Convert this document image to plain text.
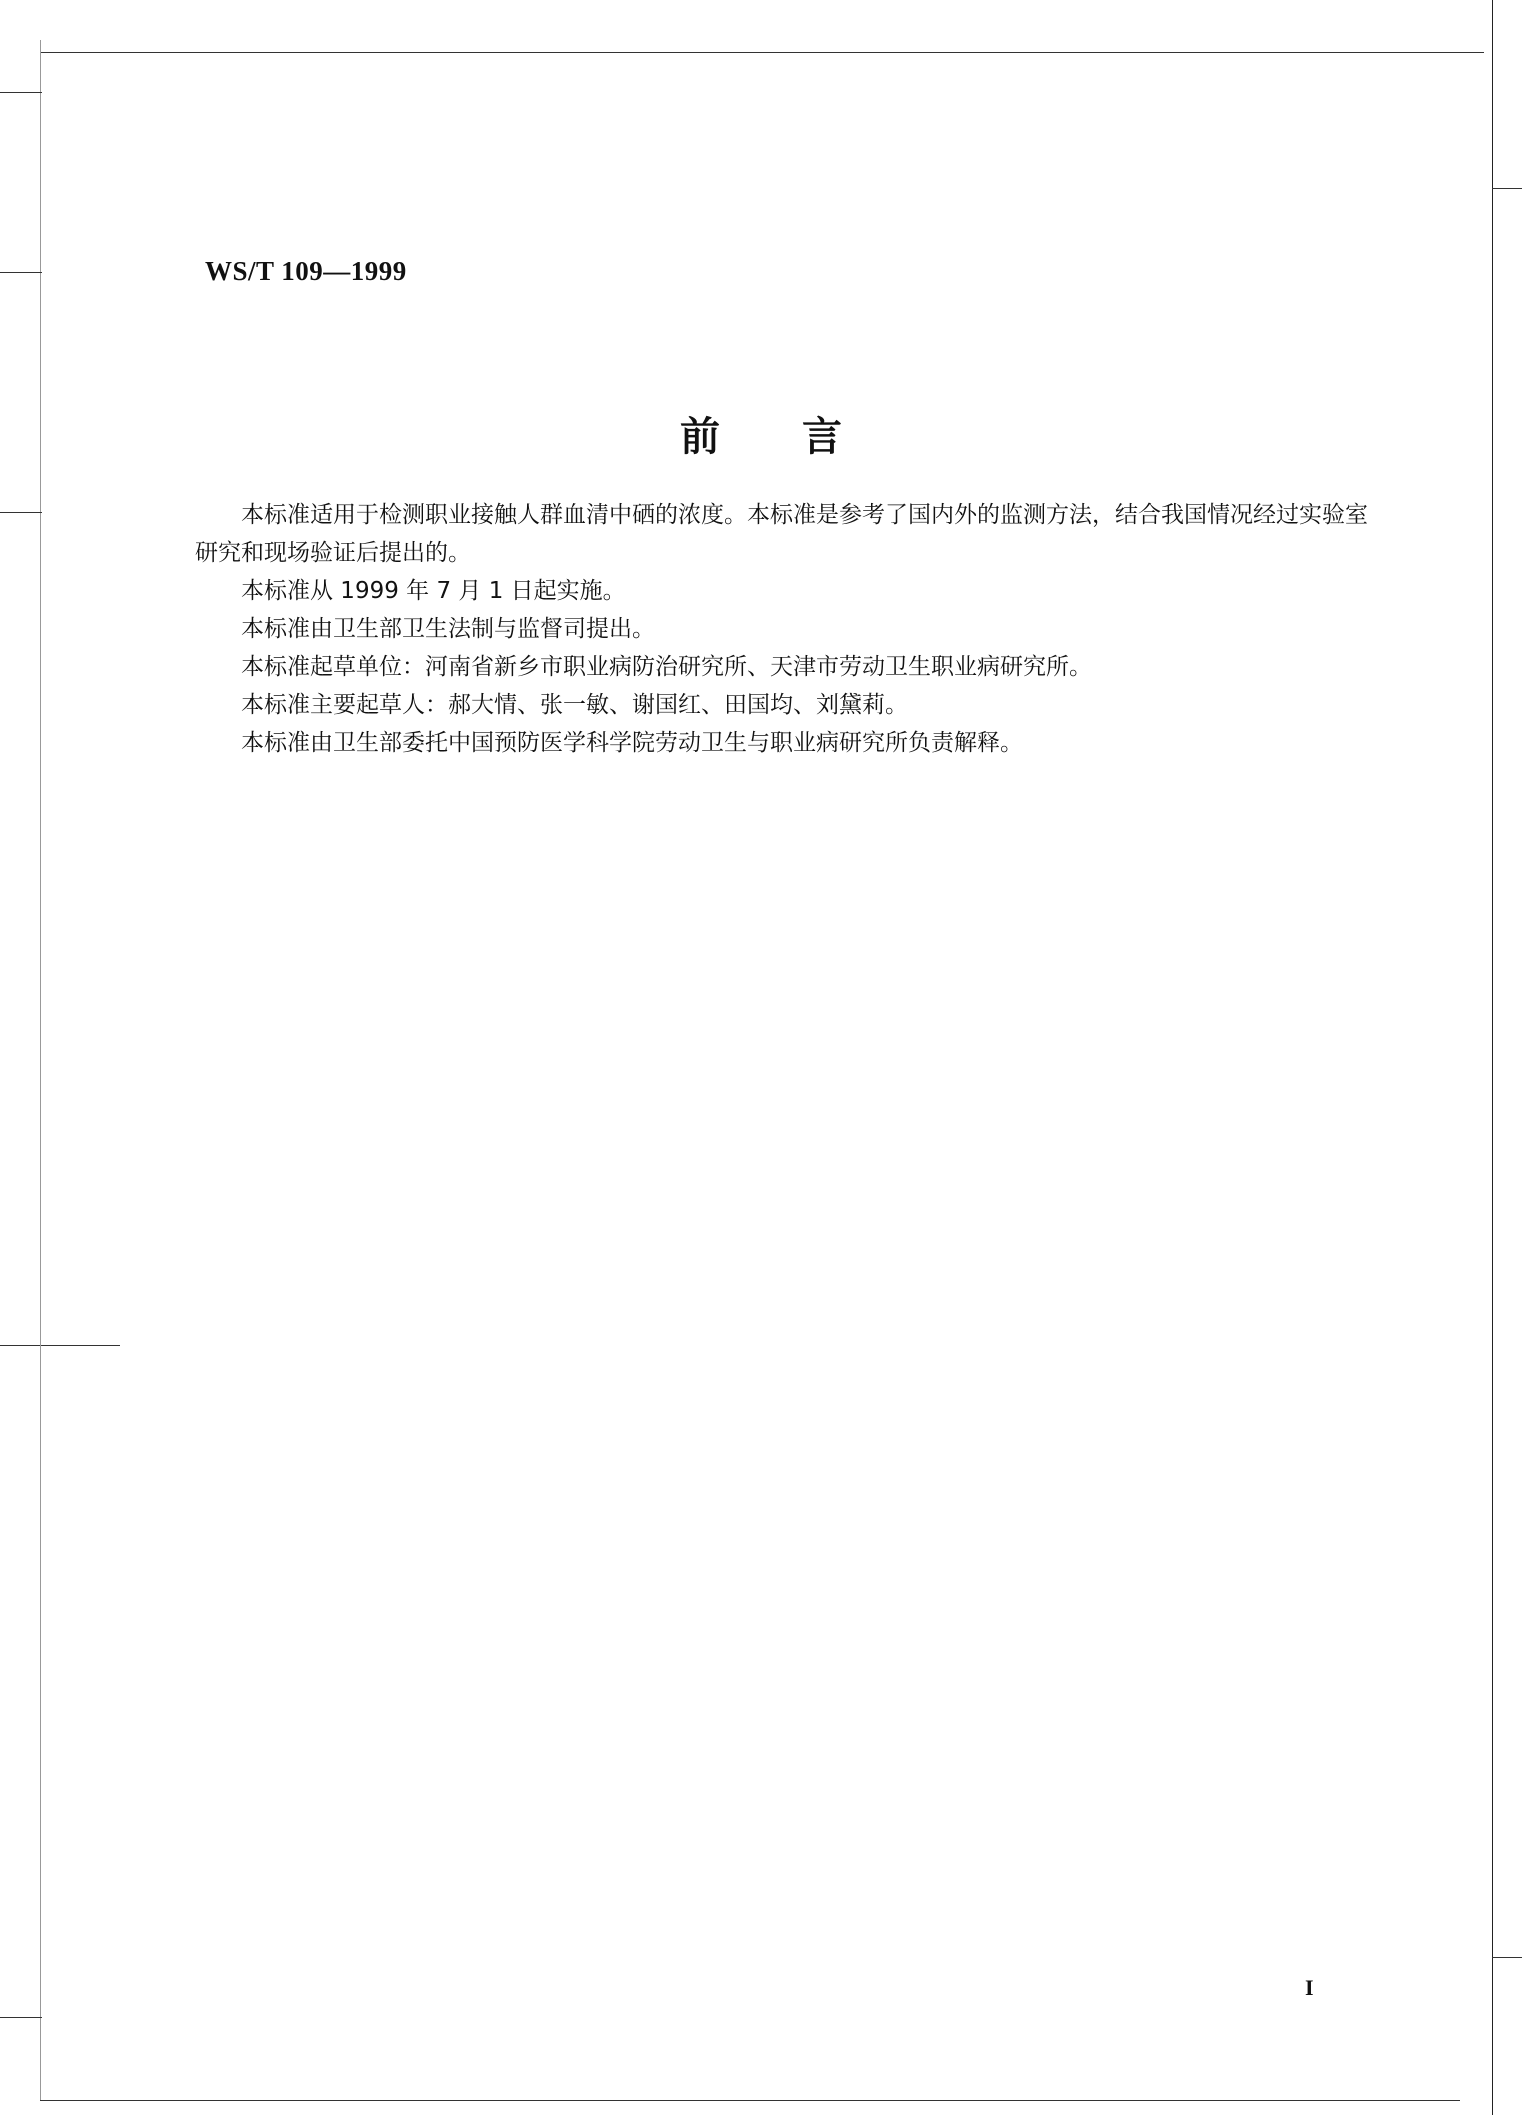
WS/T 109—1999
前言

本标准适用于检测职业接触人群血清中硒的浓度。本标准是参考了国内外的监测方法，结合我国情况经过实验室研究和现场验证后提出的。

本标准从 1999 年 7 月 1 日起实施。

本标准由卫生部卫生法制与监督司提出。

本标准起草单位：河南省新乡市职业病防治研究所、天津市劳动卫生职业病研究所。

本标准主要起草人：郝大情、张一敏、谢国红、田国均、刘黛莉。

本标准由卫生部委托中国预防医学科学院劳动卫生与职业病研究所负责解释。

I
